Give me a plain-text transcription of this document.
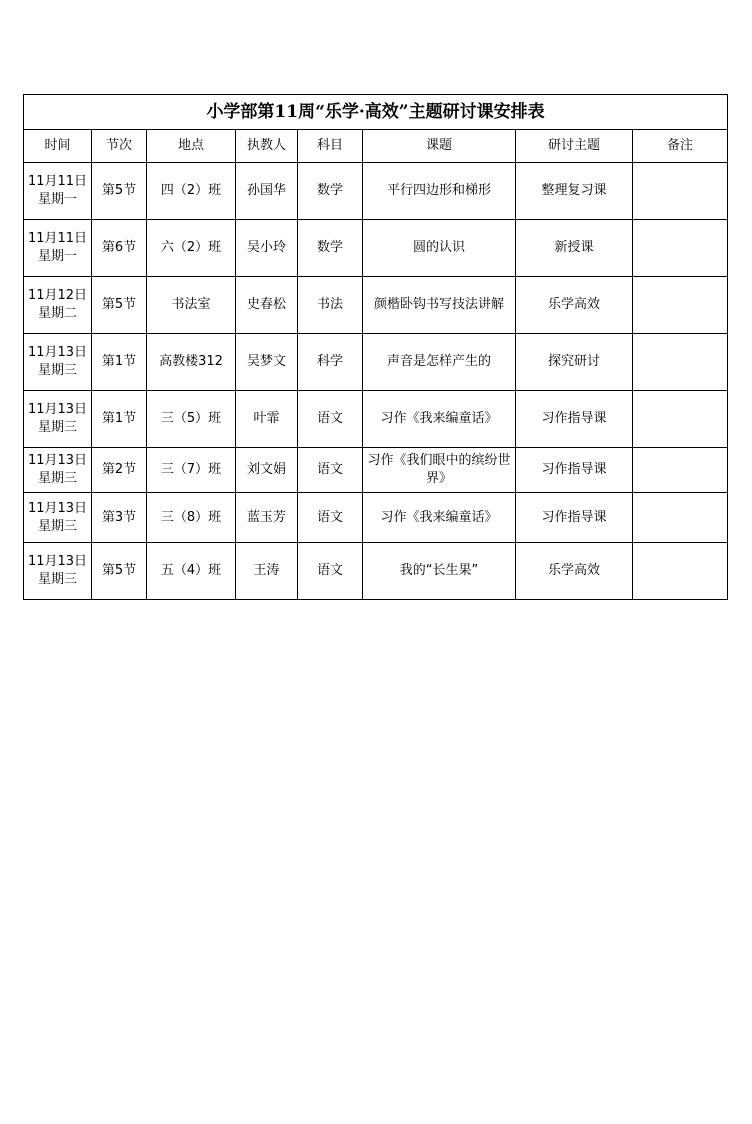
小学部第11周“乐学·高效”主题研讨课安排表							
时间	节次	地点	执教人	科目	课题	研讨主题	备注
11月11日
星期一	第5节	四（2）班	孙国华	数学	平行四边形和梯形	整理复习课	
11月11日
星期一	第6节	六（2）班	吴小玲	数学	圆的认识	新授课	
11月12日
星期二	第5节	书法室	史春松	书法	颜楷卧钩书写技法讲解	乐学高效	
11月13日
星期三	第1节	高教楼312	吴梦文	科学	声音是怎样产生的	探究研讨	
11月13日
星期三	第1节	三（5）班	叶霏	语文	习作《我来编童话》	习作指导课	
11月13日
星期三	第2节	三（7）班	刘文娟	语文	习作《我们眼中的缤纷世界》	习作指导课	
11月13日
星期三	第3节	三（8）班	蓝玉芳	语文	习作《我来编童话》	习作指导课	
11月13日
星期三	第5节	五（4）班	王涛	语文	我的“长生果”	乐学高效	
